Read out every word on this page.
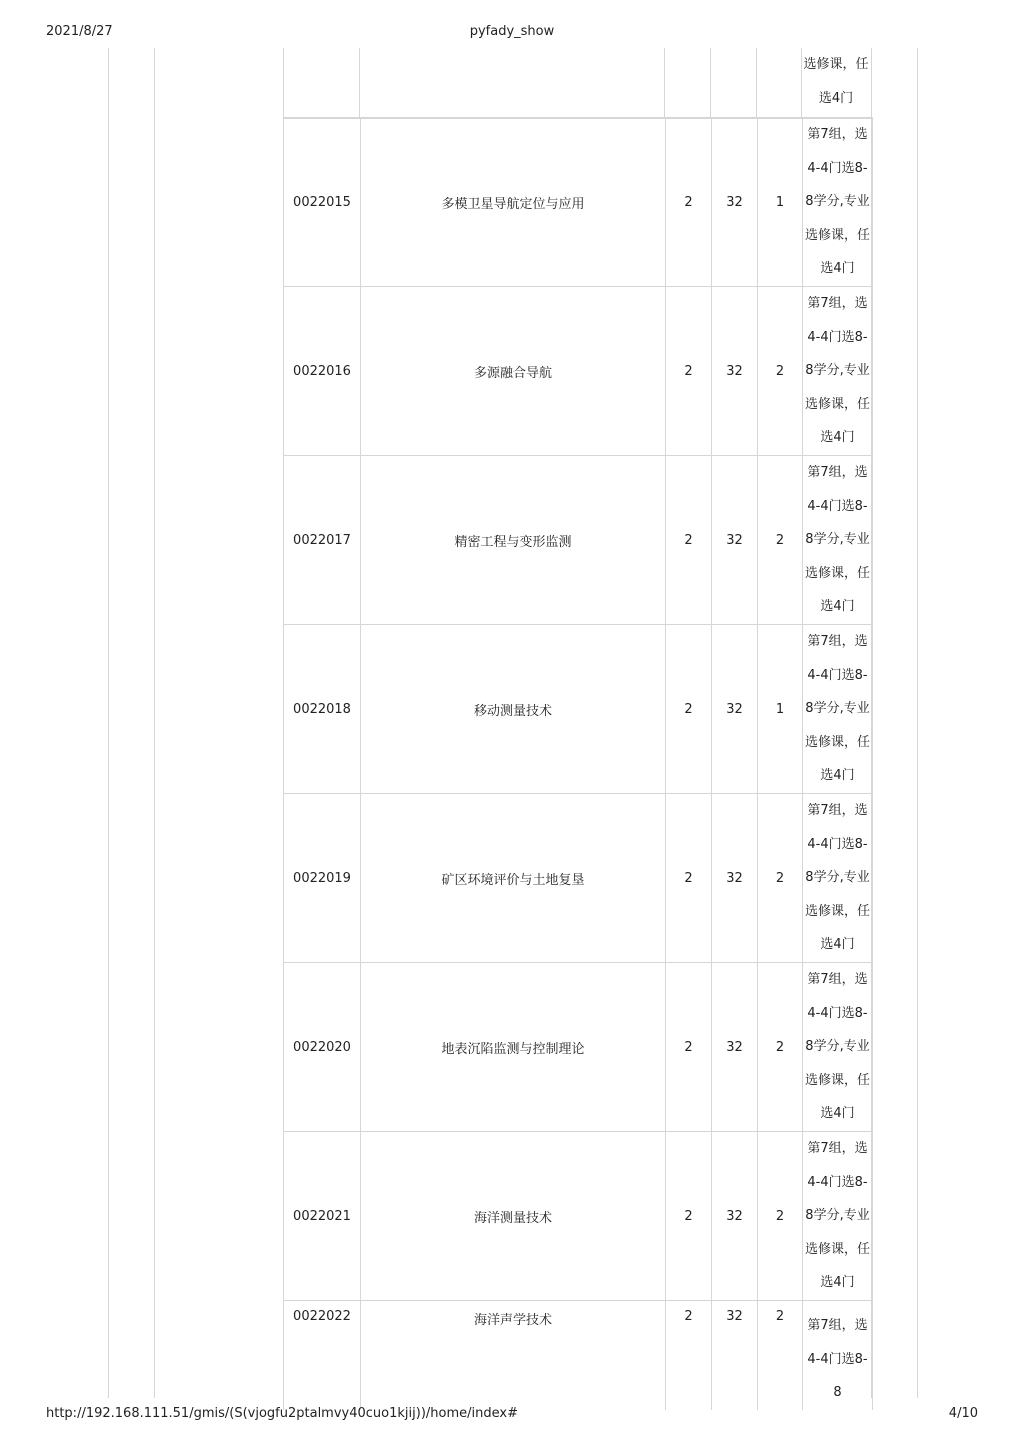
2021/8/27	pyfady_show
选修课，任选4门
0022015	多模卫星导航定位与应用	2	32	1	第7组，选4-4门选8-8学分,专业选修课，任选4门

0022016	多源融合导航	2	32	2	第7组，选4-4门选8-8学分,专业选修课，任选4门

0022017	精密工程与变形监测	2	32	2	第7组，选4-4门选8-8学分,专业选修课，任选4门

0022018	移动测量技术	2	32	1	第7组，选4-4门选8-8学分,专业选修课，任选4门

0022019	矿区环境评价与土地复垦	2	32	2	第7组，选4-4门选8-8学分,专业选修课，任选4门

0022020	地表沉陷监测与控制理论	2	32	2	第7组，选4-4门选8-8学分,专业选修课，任选4门

0022021	海洋测量技术	2	32	2	第7组，选4-4门选8-8学分,专业选修课，任选4门

0022022	海洋声学技术	2	32	2	第7组，选4-4门选8-8
http://192.168.111.51/gmis/(S(vjogfu2ptalmvy40cuo1kjij))/home/index#	4/10
